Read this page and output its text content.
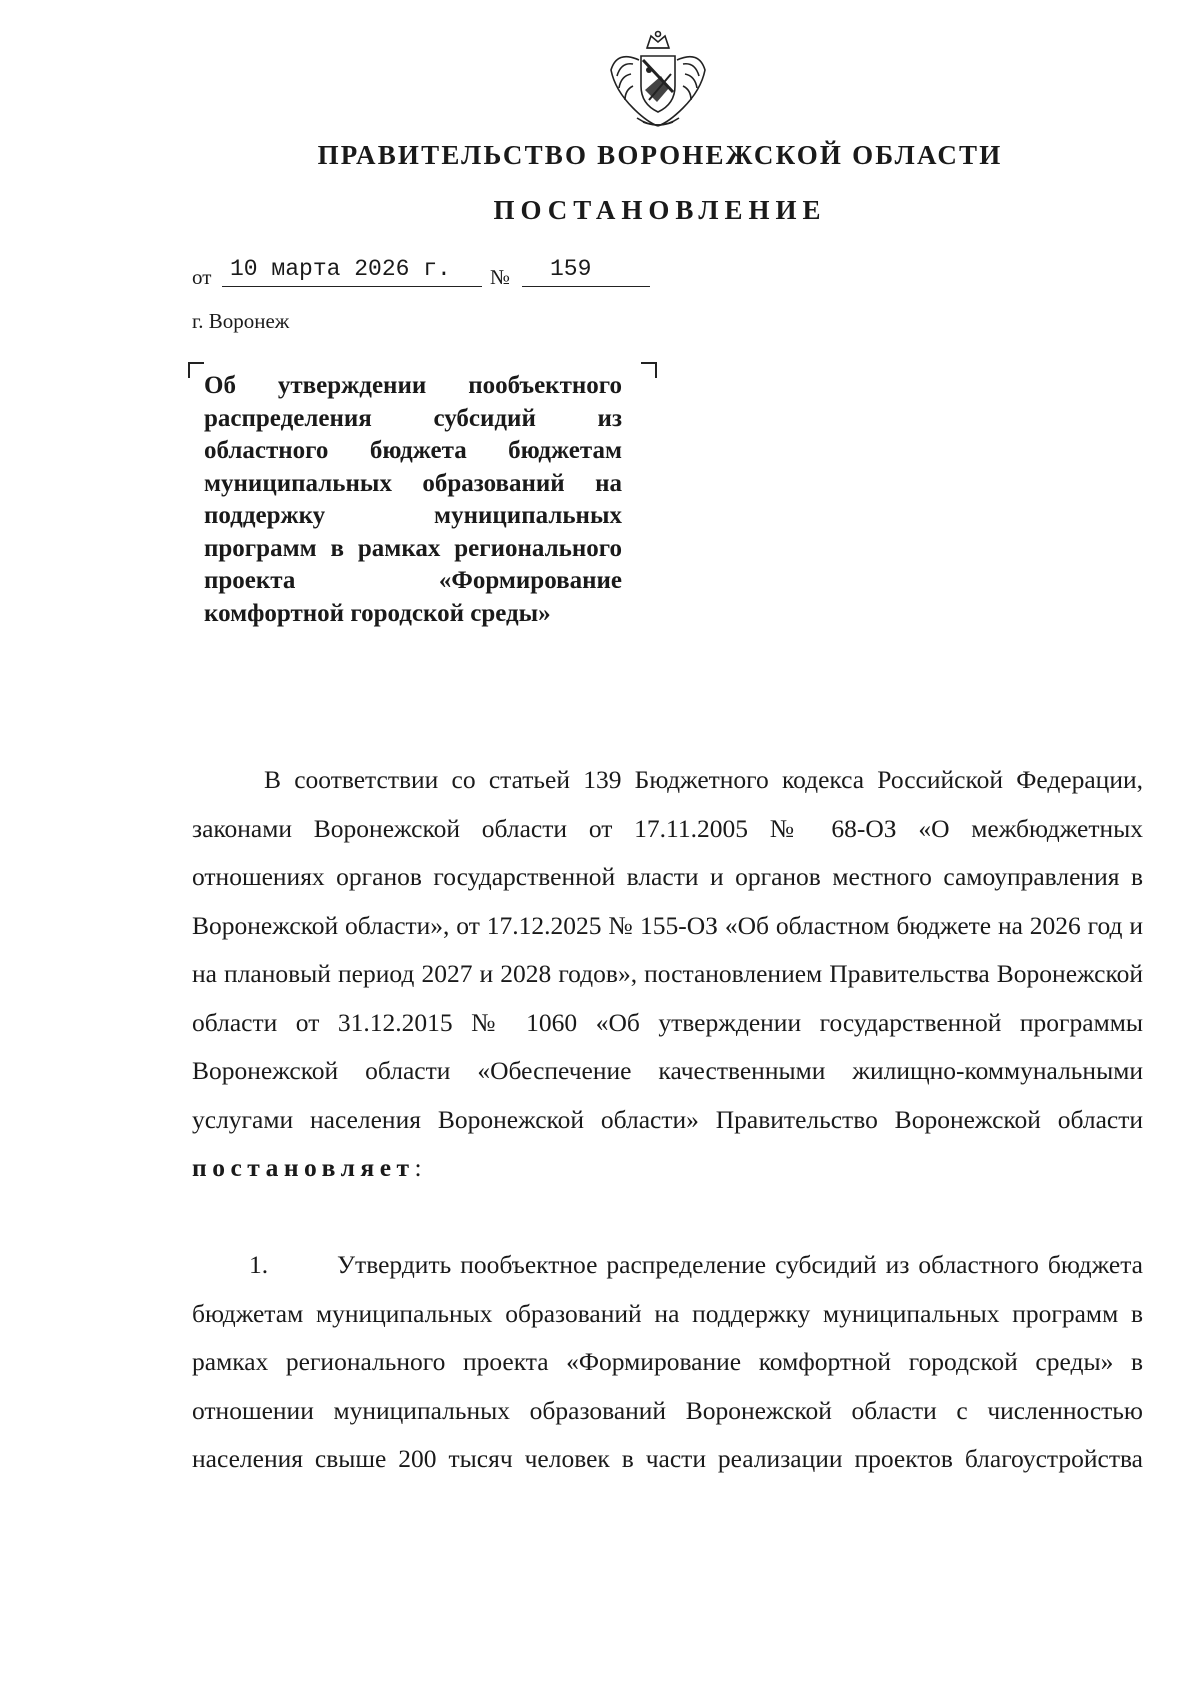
ПРАВИТЕЛЬСТВО ВОРОНЕЖСКОЙ ОБЛАСТИ
ПОСТАНОВЛЕНИЕ
от 10 марта 2026 г. № 159
г. Воронеж
Об утверждении пообъектного распределения субсидий из областного бюджета бюджетам муниципальных образований на поддержку муниципальных программ в рамках регионального проекта «Формирование комфортной городской среды»
В соответствии со статьей 139 Бюджетного кодекса Российской Федерации, законами Воронежской области от 17.11.2005 № 68-ОЗ «О межбюджетных отношениях органов государственной власти и органов местного самоуправления в Воронежской области», от 17.12.2025 № 155-ОЗ «Об областном бюджете на 2026 год и на плановый период 2027 и 2028 годов», постановлением Правительства Воронежской области от 31.12.2015 № 1060 «Об утверждении государственной программы Воронежской области «Обеспечение качественными жилищно-коммунальными услугами населения Воронежской области» Правительство Воронежской области постановляет:
1.	Утвердить пообъектное распределение субсидий из областного бюджета бюджетам муниципальных образований на поддержку муниципальных программ в рамках регионального проекта «Формирование комфортной городской среды» в отношении муниципальных образований Воронежской области с численностью населения свыше 200 тысяч человек в части реализации проектов благоустройства
